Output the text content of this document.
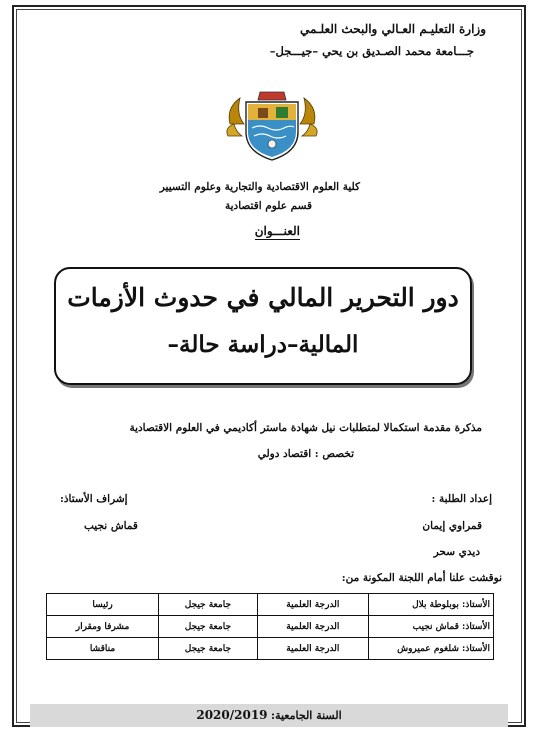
وزارة التعليـم العـالي والبحث العلـمي
جـــامعة محمد الصـديق بن يحي –جيـــجل–
كلية العلوم الاقتصادية والتجارية وعلوم التسيير
قسم علوم اقتصادية
العنـــوان
دور التحرير المالي في حدوث الأزمات
المالية–دراسة حالة–
مذكرة مقدمة استكمالا لمتطلبات نيل شهادة ماستر أكاديمي في العلوم الاقتصادية
تخصص : اقتصاد دولي
إعداد الطلبة :
إشراف الأستاذ:
قمراوي إيمان
قماش نجيب
ديدي سحر
نوقشت علنا أمام اللجنة المكونة من:
الأستاذ: بوبلوطة بلال	الدرجة العلمية	جامعة جيجل	رئيسا
الأستاذ: قماش نجيب	الدرجة العلمية	جامعة جيجل	مشرفا ومقرار
الأستاذ: شلغوم عميروش	الدرجة العلمية	جامعة جيجل	مناقشا
السنة الجامعية: 2020/2019
